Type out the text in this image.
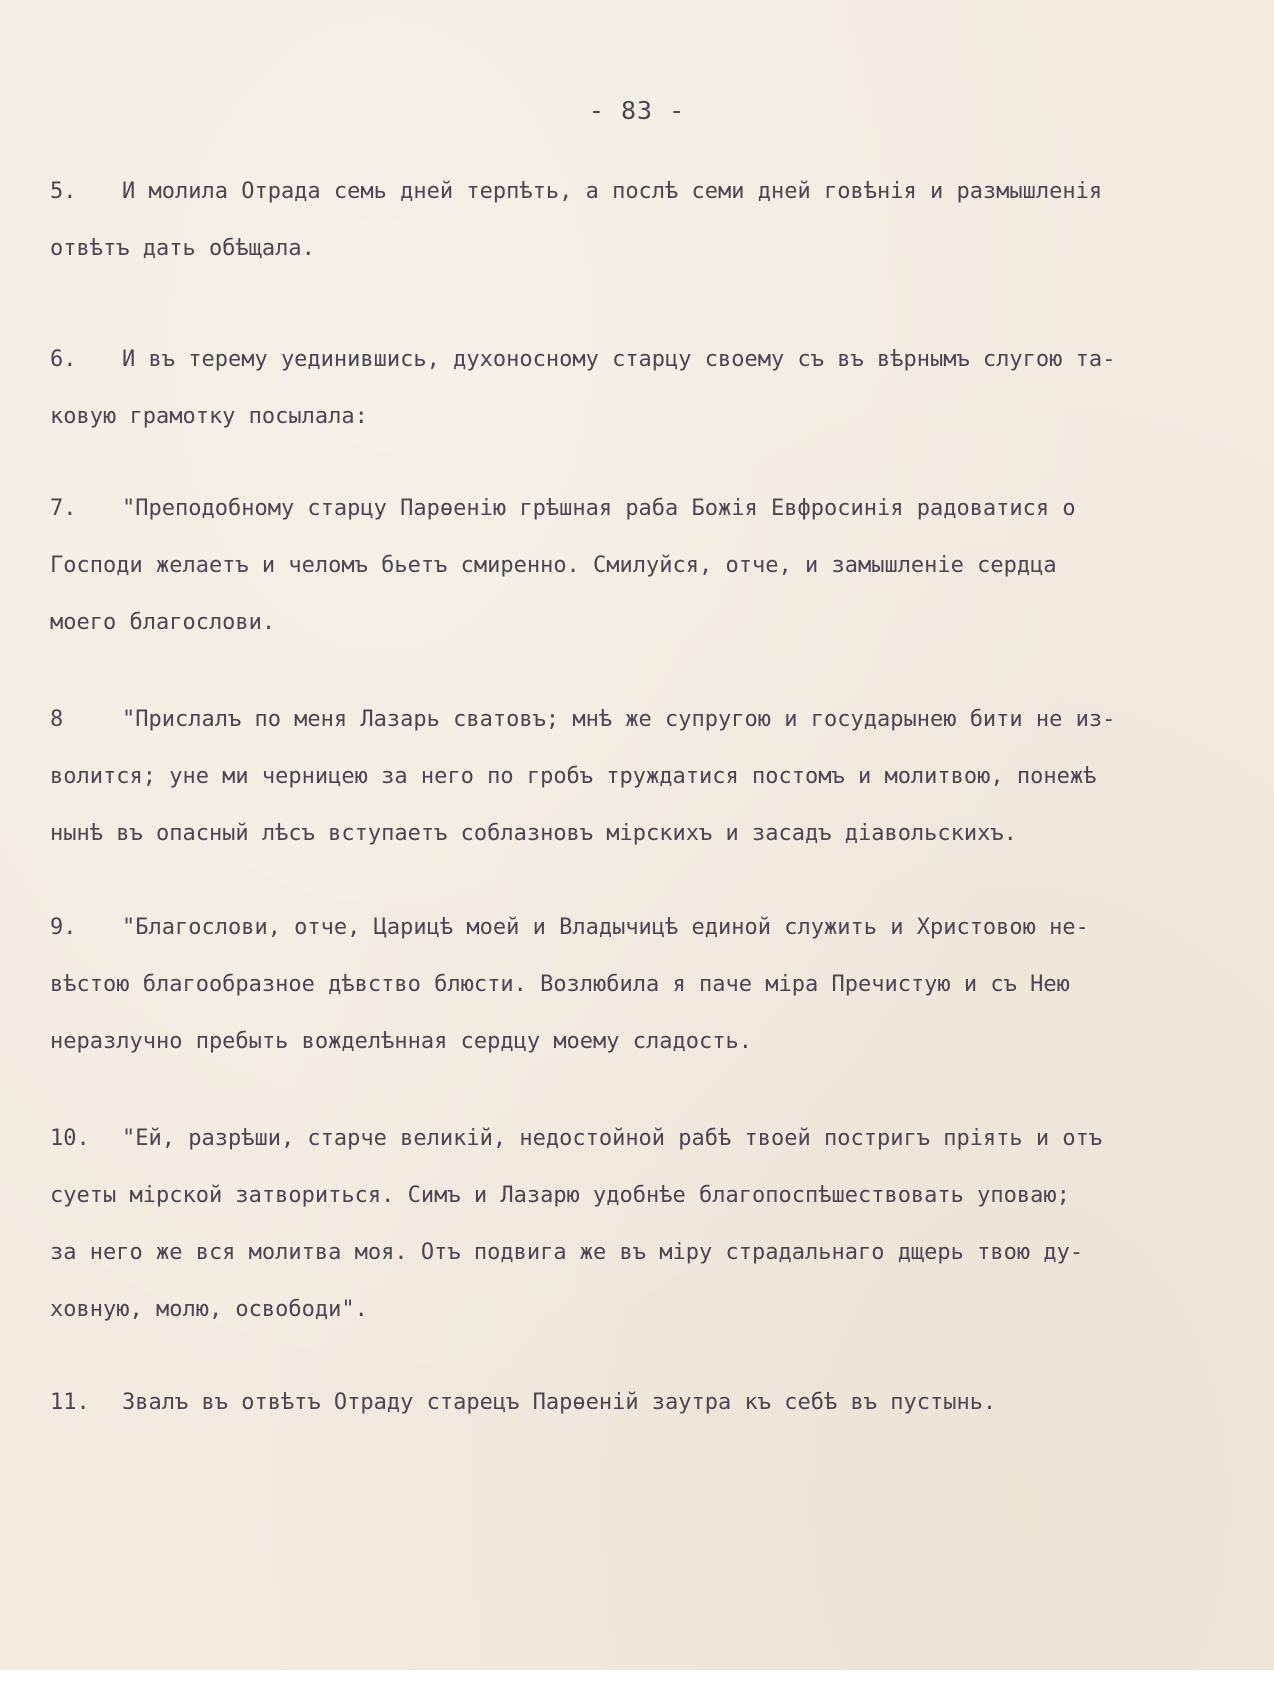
- 83 -
5. И молила Отрада семь дней терпѣть, а послѣ семи дней говѣнія и размышленія
отвѣтъ дать обѣщала.
6. И въ терему уединившись, духоносному старцу своему съ въ вѣрнымъ слугою та-
ковую грамотку посылала:
7. "Преподобному старцу Парѳенію грѣшная раба Божія Евфросинія радоватися о
Господи желаетъ и челомъ бьетъ смиренно. Смилуйся, отче, и замышленіе сердца
моего благослови.
8	"Прислалъ по меня Лазарь сватовъ; мнѣ же супругою и государынею бити не из-
волится; уне ми черницею за него по гробъ труждатися постомъ и молитвою, понежѣ
нынѣ въ опасный лѣсъ вступаетъ соблазновъ мірскихъ и засадъ діавольскихъ.
9. "Благослови, отче, Царицѣ моей и Владычицѣ единой служить и Христовою не-
вѣстою благообразное дѣвство блюсти. Возлюбила я паче міра Пречистую и съ Нею
неразлучно пребыть вожделѣнная сердцу моему сладость.
10. "Ей, разрѣши, старче великій, недостойной рабѣ твоей постригъ пріять и отъ
суеты мірской затвориться. Симъ и Лазарю удобнѣе благопоспѣшествовать уповаю;
за него же вся молитва моя. Отъ подвига же въ міру страдальнаго дщерь твою ду-
ховную, молю, освободи".
11. Звалъ въ отвѣтъ Отраду старецъ Парѳеній заутра къ себѣ въ пустынь.
